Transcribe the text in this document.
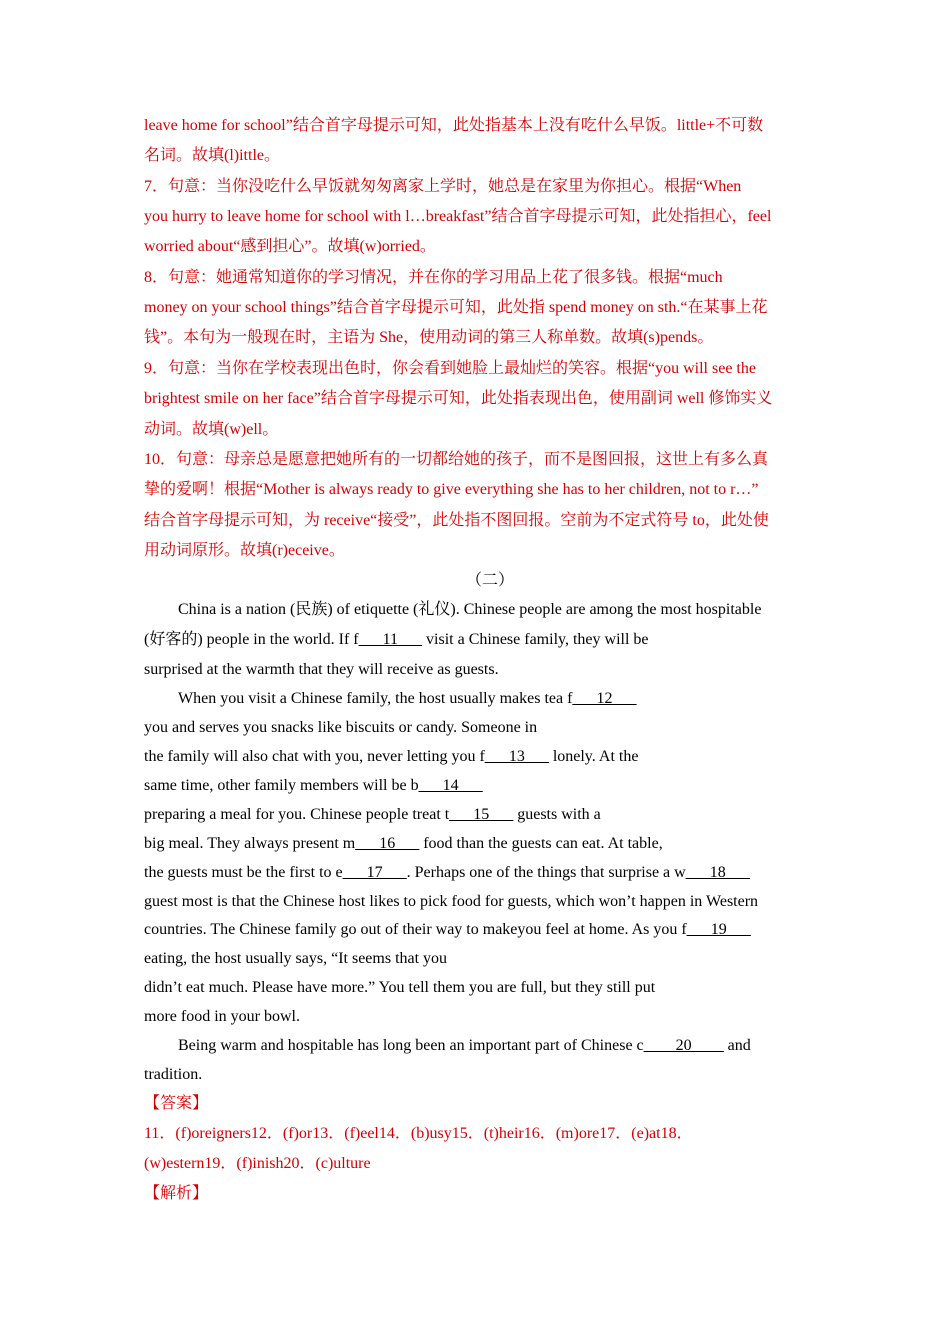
leave home for school”结合首字母提示可知，此处指基本上没有吃什么早饭。little+不可数
名词。故填(l)ittle。
7．句意：当你没吃什么早饭就匆匆离家上学时，她总是在家里为你担心。根据“When
you hurry to leave home for school with l…breakfast”结合首字母提示可知，此处指担心，feel
worried about“感到担心”。故填(w)orried。
8．句意：她通常知道你的学习情况，并在你的学习用品上花了很多钱。根据“much
money on your school things”结合首字母提示可知，此处指 spend money on sth.“在某事上花
钱”。本句为一般现在时，主语为 She，使用动词的第三人称单数。故填(s)pends。
9．句意：当你在学校表现出色时，你会看到她脸上最灿烂的笑容。根据“you will see the
brightest smile on her face”结合首字母提示可知，此处指表现出色，使用副词 well 修饰实义
动词。故填(w)ell。
10．句意：母亲总是愿意把她所有的一切都给她的孩子，而不是图回报，这世上有多么真
挚的爱啊！根据“Mother is always ready to give everything she has to her children, not to r…”
结合首字母提示可知，为 receive“接受”，此处指不图回报。空前为不定式符号 to，此处使
用动词原形。故填(r)eceive。
（二）
China is a nation (民族) of etiquette (礼仪). Chinese people are among the most hospitable
(好客的) people in the world. If f___11___ visit a Chinese family, they will be
surprised at the warmth that they will receive as guests.
When you visit a Chinese family, the host usually makes tea f___12___
you and serves you snacks like biscuits or candy. Someone in
the family will also chat with you, never letting you f___13___ lonely. At the
same time, other family members will be b___14___
preparing a meal for you. Chinese people treat t___15___ guests with a
big meal. They always present m___16___ food than the guests can eat. At table,
the guests must be the first to e___17___. Perhaps one of the things that surprise a w___18___
guest most is that the Chinese host likes to pick food for guests, which won’t happen in Western
countries. The Chinese family go out of their way to makeyou feel at home. As you f___19___
eating, the host usually says, “It seems that you
didn’t eat much. Please have more.” You tell them you are full, but they still put
more food in your bowl.
Being warm and hospitable has long been an important part of Chinese c____20____ and
tradition.
【答案】
11．(f)oreigners12．(f)or13．(f)eel14．(b)usy15．(t)heir16．(m)ore17．(e)at18．
(w)estern19．(f)inish20．(c)ulture
【解析】
